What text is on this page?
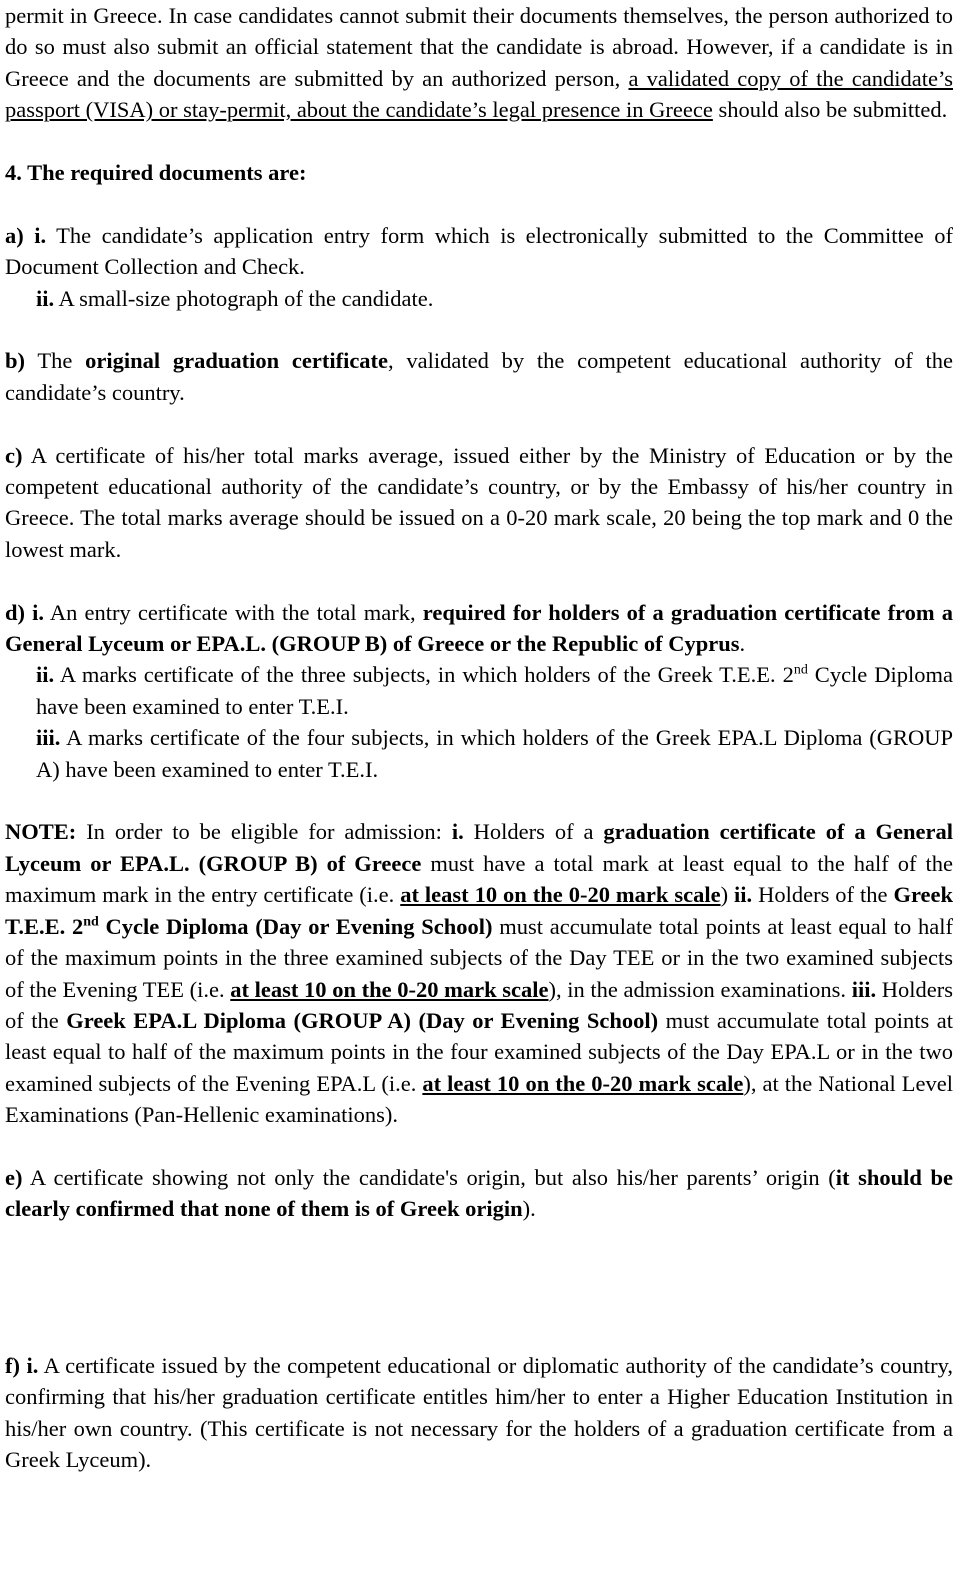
permit in Greece. In case candidates cannot submit their documents themselves, the person authorized to do so must also submit an official statement that the candidate is abroad. However, if a candidate is in Greece and the documents are submitted by an authorized person, a validated copy of the candidate’s passport (VISA) or stay-permit, about the candidate’s legal presence in Greece should also be submitted.

4. The required documents are:

a) i. The candidate’s application entry form which is electronically submitted to the Committee of Document Collection and Check.

ii. A small-size photograph of the candidate.

b) The original graduation certificate, validated by the competent educational authority of the candidate’s country.

c) A certificate of his/her total marks average, issued either by the Ministry of Education or by the competent educational authority of the candidate’s country, or by the Embassy of his/her country in Greece. The total marks average should be issued on a 0-20 mark scale, 20 being the top mark and 0 the lowest mark.

d) i. An entry certificate with the total mark, required for holders of a graduation certificate from a General Lyceum or EPA.L. (GROUP B) of Greece or the Republic of Cyprus.

ii. A marks certificate of the three subjects, in which holders of the Greek T.E.E. 2nd Cycle Diploma have been examined to enter T.E.I.

iii. A marks certificate of the four subjects, in which holders of the Greek EPA.L Diploma (GROUP A) have been examined to enter T.E.I.

NOTE: In order to be eligible for admission: i. Holders of a graduation certificate of a General Lyceum or EPA.L. (GROUP B) of Greece must have a total mark at least equal to the half of the maximum mark in the entry certificate (i.e. at least 10 on the 0-20 mark scale) ii. Holders of the Greek T.E.E. 2nd Cycle Diploma (Day or Evening School) must accumulate total points at least equal to half of the maximum points in the three examined subjects of the Day TEE or in the two examined subjects of the Evening TEE (i.e. at least 10 on the 0-20 mark scale), in the admission examinations. iii. Holders of the Greek EPA.L Diploma (GROUP A) (Day or Evening School) must accumulate total points at least equal to half of the maximum points in the four examined subjects of the Day EPA.L or in the two examined subjects of the Evening EPA.L (i.e. at least 10 on the 0-20 mark scale), at the National Level Examinations (Pan-Hellenic examinations).

e) A certificate showing not only the candidate's origin, but also his/her parents’ origin (it should be clearly confirmed that none of them is of Greek origin).

f) i. A certificate issued by the competent educational or diplomatic authority of the candidate’s country, confirming that his/her graduation certificate entitles him/her to enter a Higher Education Institution in his/her own country. (This certificate is not necessary for the holders of a graduation certificate from a Greek Lyceum).
